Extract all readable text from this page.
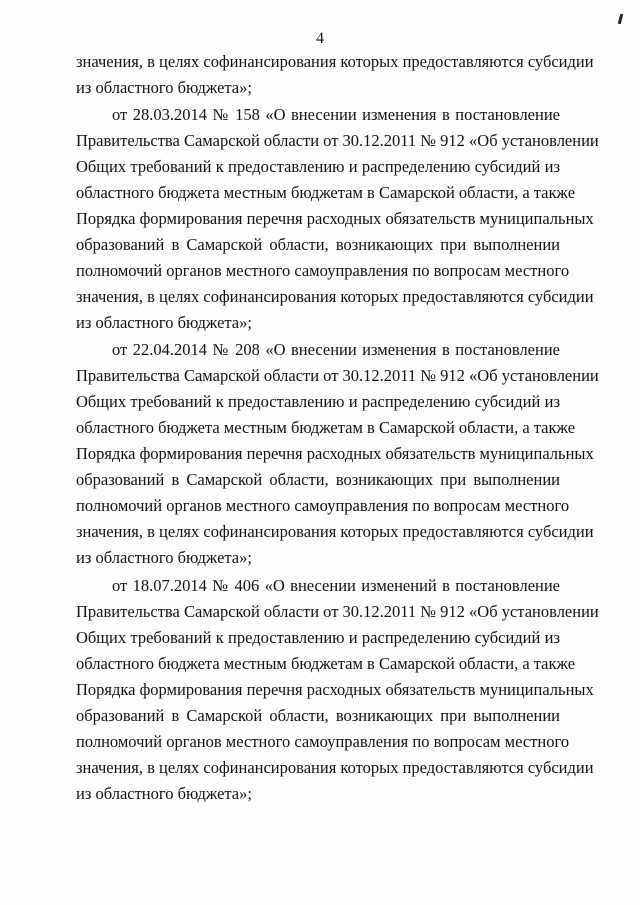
4
значения, в целях софинансирования которых предоставляются субсидии
из областного бюджета»;
от 28.03.2014 № 158 «О внесении изменения в постановление
Правительства Самарской области от 30.12.2011 № 912 «Об установлении
Общих требований к предоставлению и распределению субсидий из
областного бюджета местным бюджетам в Самарской области, а также
Порядка формирования перечня расходных обязательств муниципальных
образований в Самарской области, возникающих при выполнении
полномочий органов местного самоуправления по вопросам местного
значения, в целях софинансирования которых предоставляются субсидии
из областного бюджета»;
от 22.04.2014 № 208 «О внесении изменения в постановление
Правительства Самарской области от 30.12.2011 № 912 «Об установлении
Общих требований к предоставлению и распределению субсидий из
областного бюджета местным бюджетам в Самарской области, а также
Порядка формирования перечня расходных обязательств муниципальных
образований в Самарской области, возникающих при выполнении
полномочий органов местного самоуправления по вопросам местного
значения, в целях софинансирования которых предоставляются субсидии
из областного бюджета»;
от 18.07.2014 № 406 «О внесении изменений в постановление
Правительства Самарской области от 30.12.2011 № 912 «Об установлении
Общих требований к предоставлению и распределению субсидий из
областного бюджета местным бюджетам в Самарской области, а также
Порядка формирования перечня расходных обязательств муниципальных
образований в Самарской области, возникающих при выполнении
полномочий органов местного самоуправления по вопросам местного
значения, в целях софинансирования которых предоставляются субсидии
из областного бюджета»;
